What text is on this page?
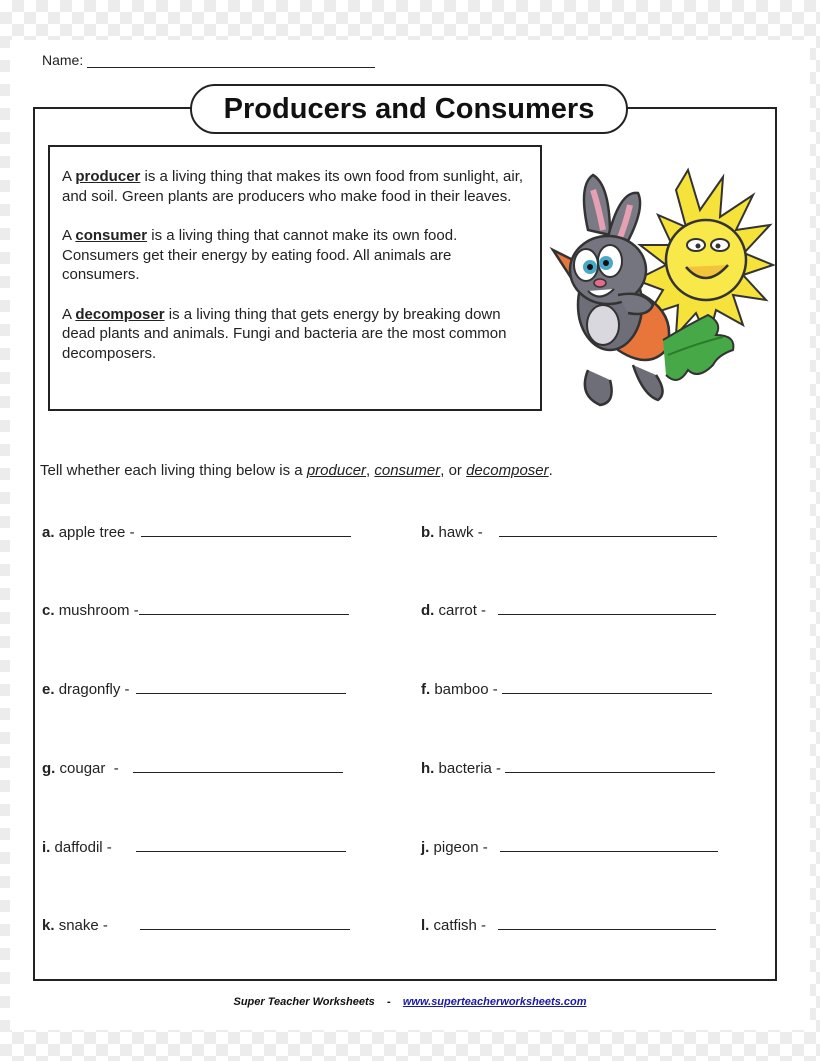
Name:
Producers and Consumers

A producer is a living thing that makes its own food from sunlight, air, and soil. Green plants are producers who make food in their leaves.

A consumer is a living thing that cannot make its own food. Consumers get their energy by eating food. All animals are consumers.

A decomposer is a living thing that gets energy by breaking down dead plants and animals. Fungi and bacteria are the most common decomposers.

Tell whether each living thing below is a producer, consumer, or decomposer.
a. apple tree -	b. hawk -
c. mushroom -	d. carrot -
e. dragonfly -	f. bamboo -
g. cougar  -	h. bacteria -
i. daffodil -	j. pigeon -
k. snake -	l. catfish -
Super Teacher Worksheets - www.superteacherworksheets.com
